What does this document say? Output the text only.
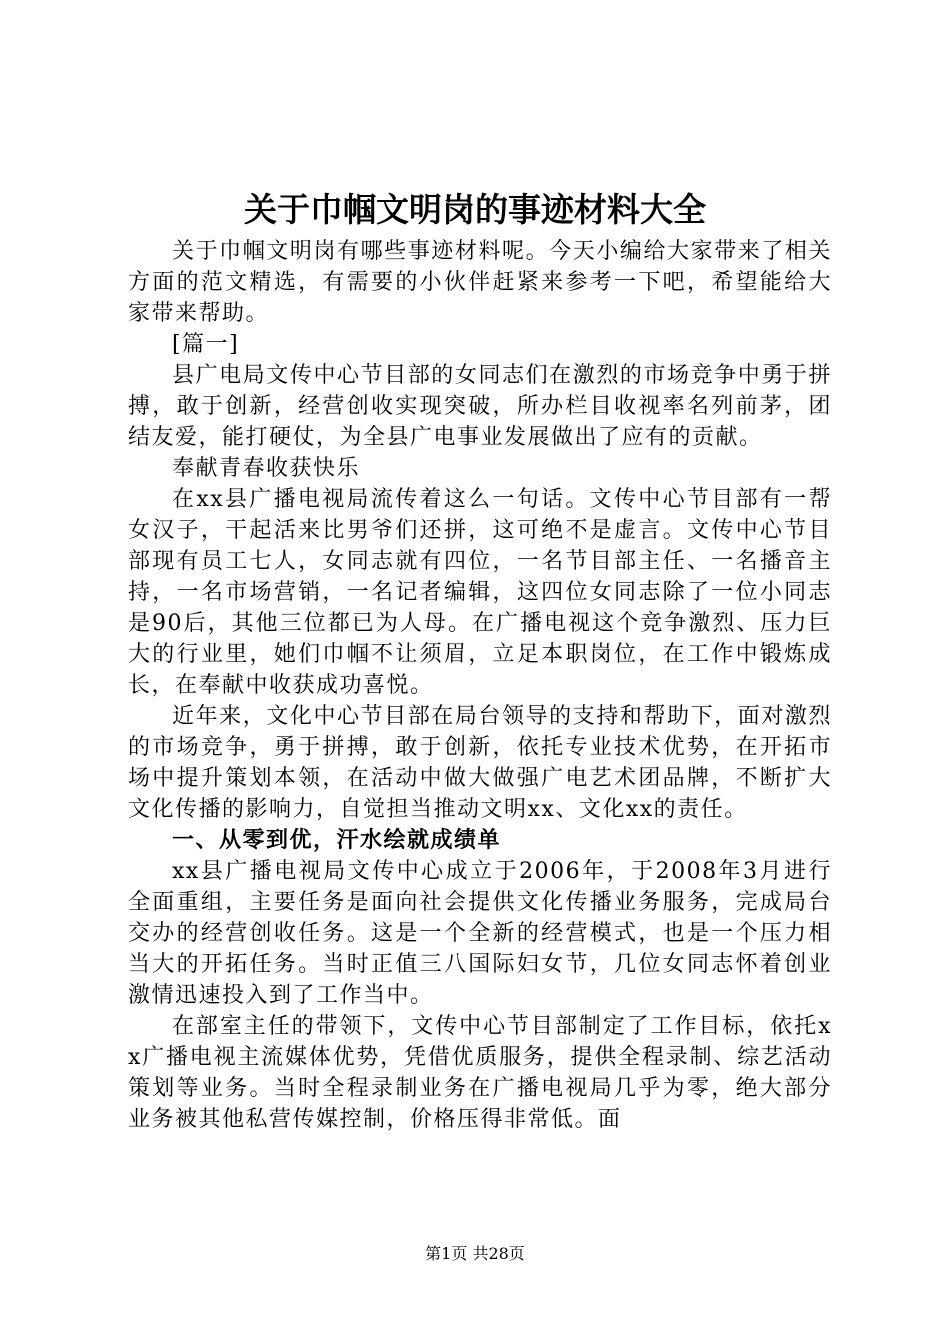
关于巾帼文明岗的事迹材料大全

关于巾帼文明岗有哪些事迹材料呢。今天小编给大家带来了相关方面的范文精选，有需要的小伙伴赶紧来参考一下吧，希望能给大家带来帮助。

[篇一]

县广电局文传中心节目部的女同志们在激烈的市场竞争中勇于拼搏，敢于创新，经营创收实现突破，所办栏目收视率名列前茅，团结友爱，能打硬仗，为全县广电事业发展做出了应有的贡献。

奉献青春收获快乐

在xx县广播电视局流传着这么一句话。文传中心节目部有一帮女汉子，干起活来比男爷们还拼，这可绝不是虚言。文传中心节目部现有员工七人，女同志就有四位，一名节目部主任、一名播音主持，一名市场营销，一名记者编辑，这四位女同志除了一位小同志是90后，其他三位都已为人母。在广播电视这个竞争激烈、压力巨大的行业里，她们巾帼不让须眉，立足本职岗位，在工作中锻炼成长，在奉献中收获成功喜悦。

近年来，文化中心节目部在局台领导的支持和帮助下，面对激烈的市场竞争，勇于拼搏，敢于创新，依托专业技术优势，在开拓市场中提升策划本领，在活动中做大做强广电艺术团品牌，不断扩大文化传播的影响力，自觉担当推动文明xx、文化xx的责任。

一、从零到优，汗水绘就成绩单

xx县广播电视局文传中心成立于2006年，于2008年3月进行全面重组，主要任务是面向社会提供文化传播业务服务，完成局台交办的经营创收任务。这是一个全新的经营模式，也是一个压力相当大的开拓任务。当时正值三八国际妇女节，几位女同志怀着创业激情迅速投入到了工作当中。

在部室主任的带领下，文传中心节目部制定了工作目标，依托xx广播电视主流媒体优势，凭借优质服务，提供全程录制、综艺活动策划等业务。当时全程录制业务在广播电视局几乎为零，绝大部分业务被其他私营传媒控制，价格压得非常低。面

第1页 共28页
